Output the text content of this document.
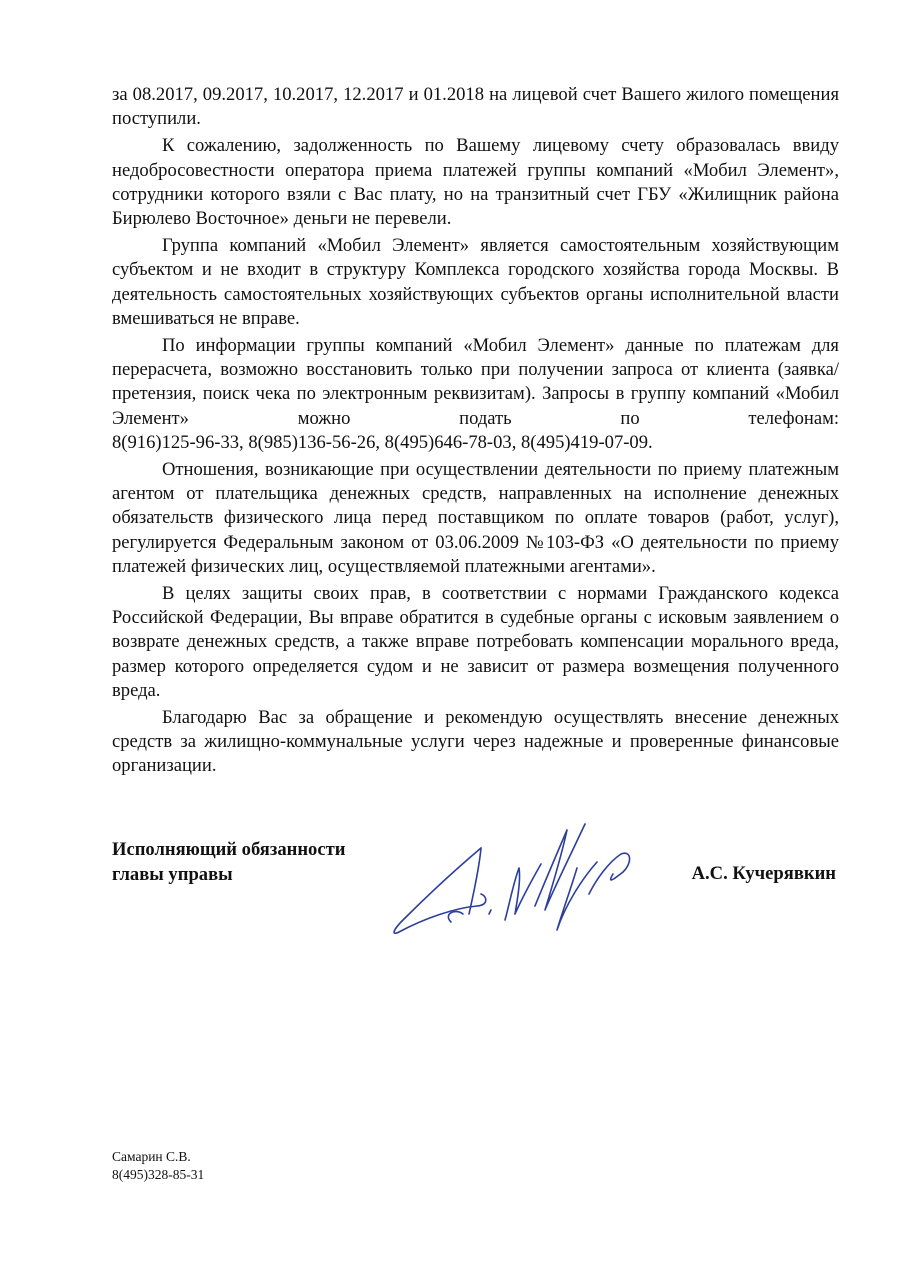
за 08.2017, 09.2017, 10.2017, 12.2017 и 01.2018 на лицевой счет Вашего жилого помещения поступили.

К сожалению, задолженность по Вашему лицевому счету образовалась ввиду недобросовестности оператора приема платежей группы компаний «Мобил Элемент», сотрудники которого взяли с Вас плату, но на транзитный счет ГБУ «Жилищник района Бирюлево Восточное» деньги не перевели.

Группа компаний «Мобил Элемент» является самостоятельным хозяйствующим субъектом и не входит в структуру Комплекса городского хозяйства города Москвы. В деятельность самостоятельных хозяйствующих субъектов органы исполнительной власти вмешиваться не вправе.

По информации группы компаний «Мобил Элемент» данные по платежам для перерасчета, возможно восстановить только при получении запроса от клиента (заявка/претензия, поиск чека по электронным реквизитам). Запросы в группу компаний «Мобил Элемент» можно подать по телефонам: 8(916)125-96-33, 8(985)136-56-26, 8(495)646-78-03, 8(495)419-07-09.

Отношения, возникающие при осуществлении деятельности по приему платежным агентом от плательщика денежных средств, направленных на исполнение денежных обязательств физического лица перед поставщиком по оплате товаров (работ, услуг), регулируется Федеральным законом от 03.06.2009 №103-ФЗ «О деятельности по приему платежей физических лиц, осуществляемой платежными агентами».

В целях защиты своих прав, в соответствии с нормами Гражданского кодекса Российской Федерации, Вы вправе обратится в судебные органы с исковым заявлением о возврате денежных средств, а также вправе потребовать компенсации морального вреда, размер которого определяется судом и не зависит от размера возмещения полученного вреда.

Благодарю Вас за обращение и рекомендую осуществлять внесение денежных средств за жилищно-коммунальные услуги через надежные и проверенные финансовые организации.

Исполняющий обязанности
главы управы	А.С. Кучерявкин
Самарин С.В.
8(495)328-85-31
